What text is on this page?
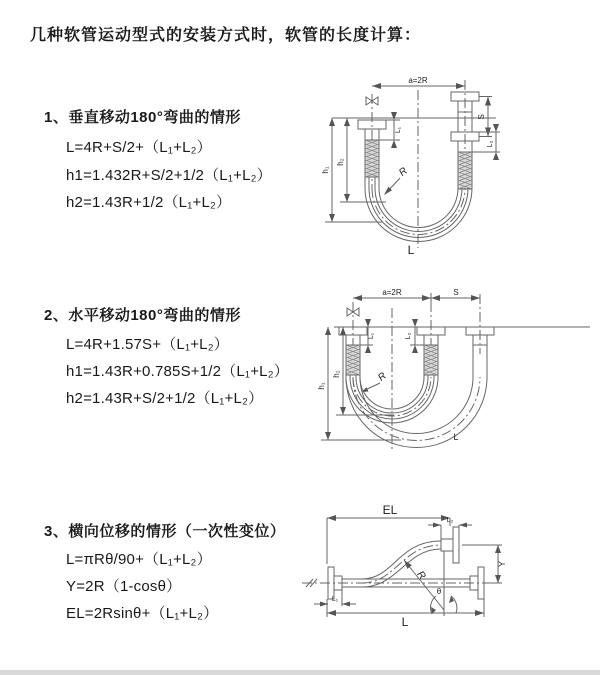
几种软管运动型式的安装方式时，软管的长度计算：
1、垂直移动180°弯曲的情形
L=4R+S/2+（L₁+L₂）
h1=1.432R+S/2+1/2（L₁+L₂）
h2=1.43R+1/2（L₁+L₂）
2、水平移动180°弯曲的情形
L=4R+1.57S+（L₁+L₂）
h1=1.43R+0.785S+1/2（L₁+L₂）
h2=1.43R+S/2+1/2（L₁+L₂）
3、横向位移的情形（一次性变位）
L=πRθ/90+（L₁+L₂）
Y=2R（1-cosθ）
EL=2Rsinθ+（L₁+L₂）
a=2R
S
L₂
L₁
h₁
h₂
R
L
a=2R	S
L₁	L₂
h₁
h₂	R
L
EL
L₂
Y
R
θ
L
L₁
